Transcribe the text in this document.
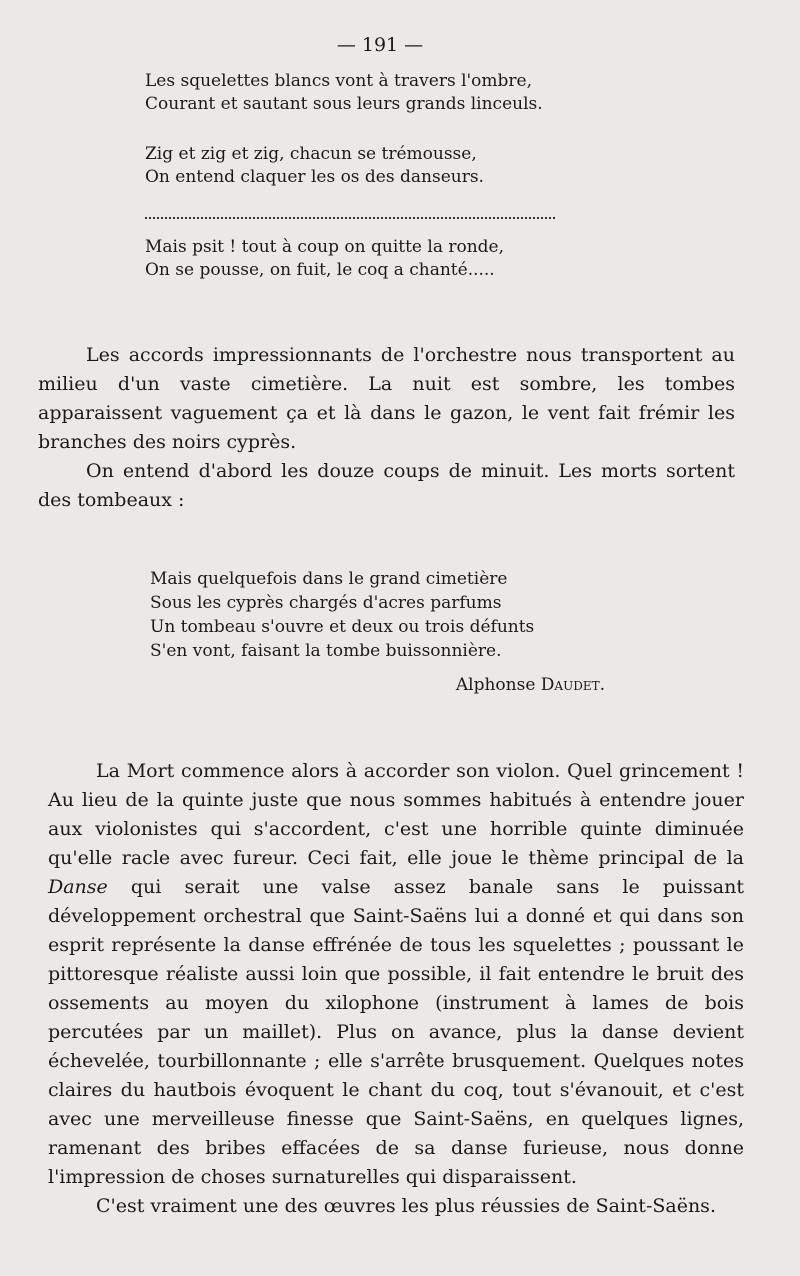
— 191 —
Les squelettes blancs vont à travers l'ombre,
Courant et sautant sous leurs grands linceuls.
Zig et zig et zig, chacun se trémousse,
On entend claquer les os des danseurs.
Mais psit ! tout à coup on quitte la ronde,
On se pousse, on fuit, le coq a chanté.....

Les accords impressionnants de l'orchestre nous transportent au milieu d'un vaste cimetière. La nuit est sombre, les tombes apparaissent vaguement ça et là dans le gazon, le vent fait frémir les branches des noirs cyprès.

On entend d'abord les douze coups de minuit. Les morts sortent des tombeaux :

Mais quelquefois dans le grand cimetière
Sous les cyprès chargés d'acres parfums
Un tombeau s'ouvre et deux ou trois défunts
S'en vont, faisant la tombe buissonnière.
Alphonse Daudet.

La Mort commence alors à accorder son violon. Quel grincement ! Au lieu de la quinte juste que nous sommes habitués à entendre jouer aux violonistes qui s'accordent, c'est une horrible quinte diminuée qu'elle racle avec fureur. Ceci fait, elle joue le thème principal de la Danse qui serait une valse assez banale sans le puissant développement orchestral que Saint-Saëns lui a donné et qui dans son esprit représente la danse effrénée de tous les squelettes ; poussant le pittoresque réaliste aussi loin que possible, il fait entendre le bruit des ossements au moyen du xilophone (instrument à lames de bois percutées par un maillet). Plus on avance, plus la danse devient échevelée, tourbillonnante ; elle s'arrête brusquement. Quelques notes claires du hautbois évoquent le chant du coq, tout s'évanouit, et c'est avec une merveilleuse finesse que Saint-Saëns, en quelques lignes, ramenant des bribes effacées de sa danse furieuse, nous donne l'impression de choses surnaturelles qui disparaissent.

C'est vraiment une des œuvres les plus réussies de Saint-Saëns.
